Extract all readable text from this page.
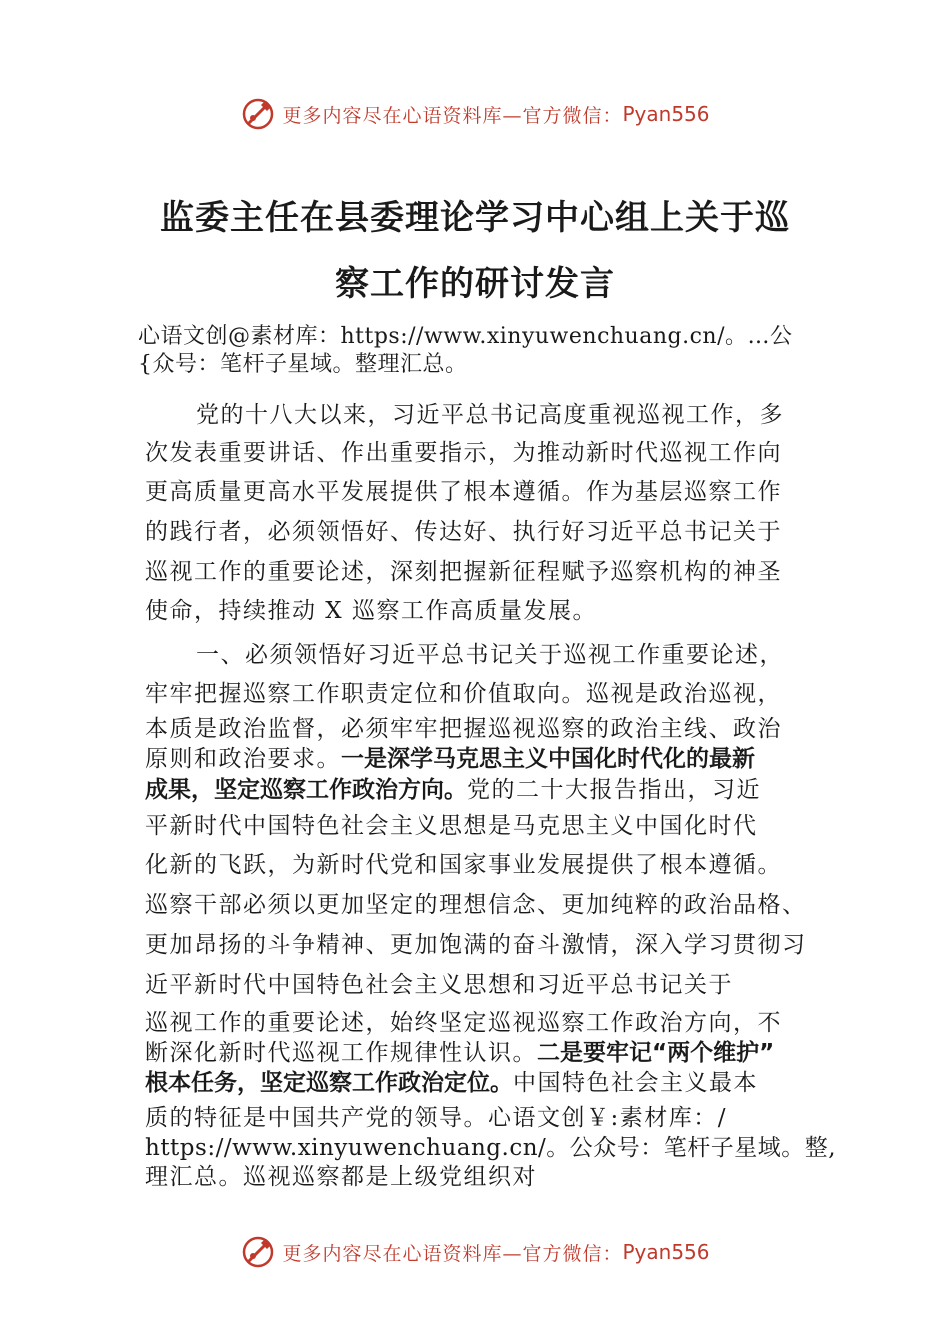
更多内容尽在心语资料库—官方微信： Pyan556
监委主任在县委理论学习中心组上关于巡
察工作的研讨发言
心语文创@素材库：https://www.xinyuwenchuang.cn/。…公
{众号：笔杆子星域。整理汇总。
党的十八大以来，习近平总书记高度重视巡视工作，多
次发表重要讲话、作出重要指示，为推动新时代巡视工作向
更高质量更高水平发展提供了根本遵循。作为基层巡察工作
的践行者，必须领悟好、传达好、执行好习近平总书记关于
巡视工作的重要论述，深刻把握新征程赋予巡察机构的神圣
使命，持续推动 X 巡察工作高质量发展。
一、必须领悟好习近平总书记关于巡视工作重要论述，
牢牢把握巡察工作职责定位和价值取向。巡视是政治巡视，
本质是政治监督，必须牢牢把握巡视巡察的政治主线、政治
原则和政治要求。一是深学马克思主义中国化时代化的最新
成果，坚定巡察工作政治方向。党的二十大报告指出，习近
平新时代中国特色社会主义思想是马克思主义中国化时代
化新的飞跃，为新时代党和国家事业发展提供了根本遵循。
巡察干部必须以更加坚定的理想信念、更加纯粹的政治品格、
更加昂扬的斗争精神、更加饱满的奋斗激情，深入学习贯彻习
近平新时代中国特色社会主义思想和习近平总书记关于
巡视工作的重要论述，始终坚定巡视巡察工作政治方向，不
断深化新时代巡视工作规律性认识。二是要牢记“两个维护”
根本任务，坚定巡察工作政治定位。中国特色社会主义最本
质的特征是中国共产党的领导。心语文创￥:素材库：/
https://www.xinyuwenchuang.cn/。公众号：笔杆子星域。整,
理汇总。巡视巡察都是上级党组织对
更多内容尽在心语资料库—官方微信： Pyan556
